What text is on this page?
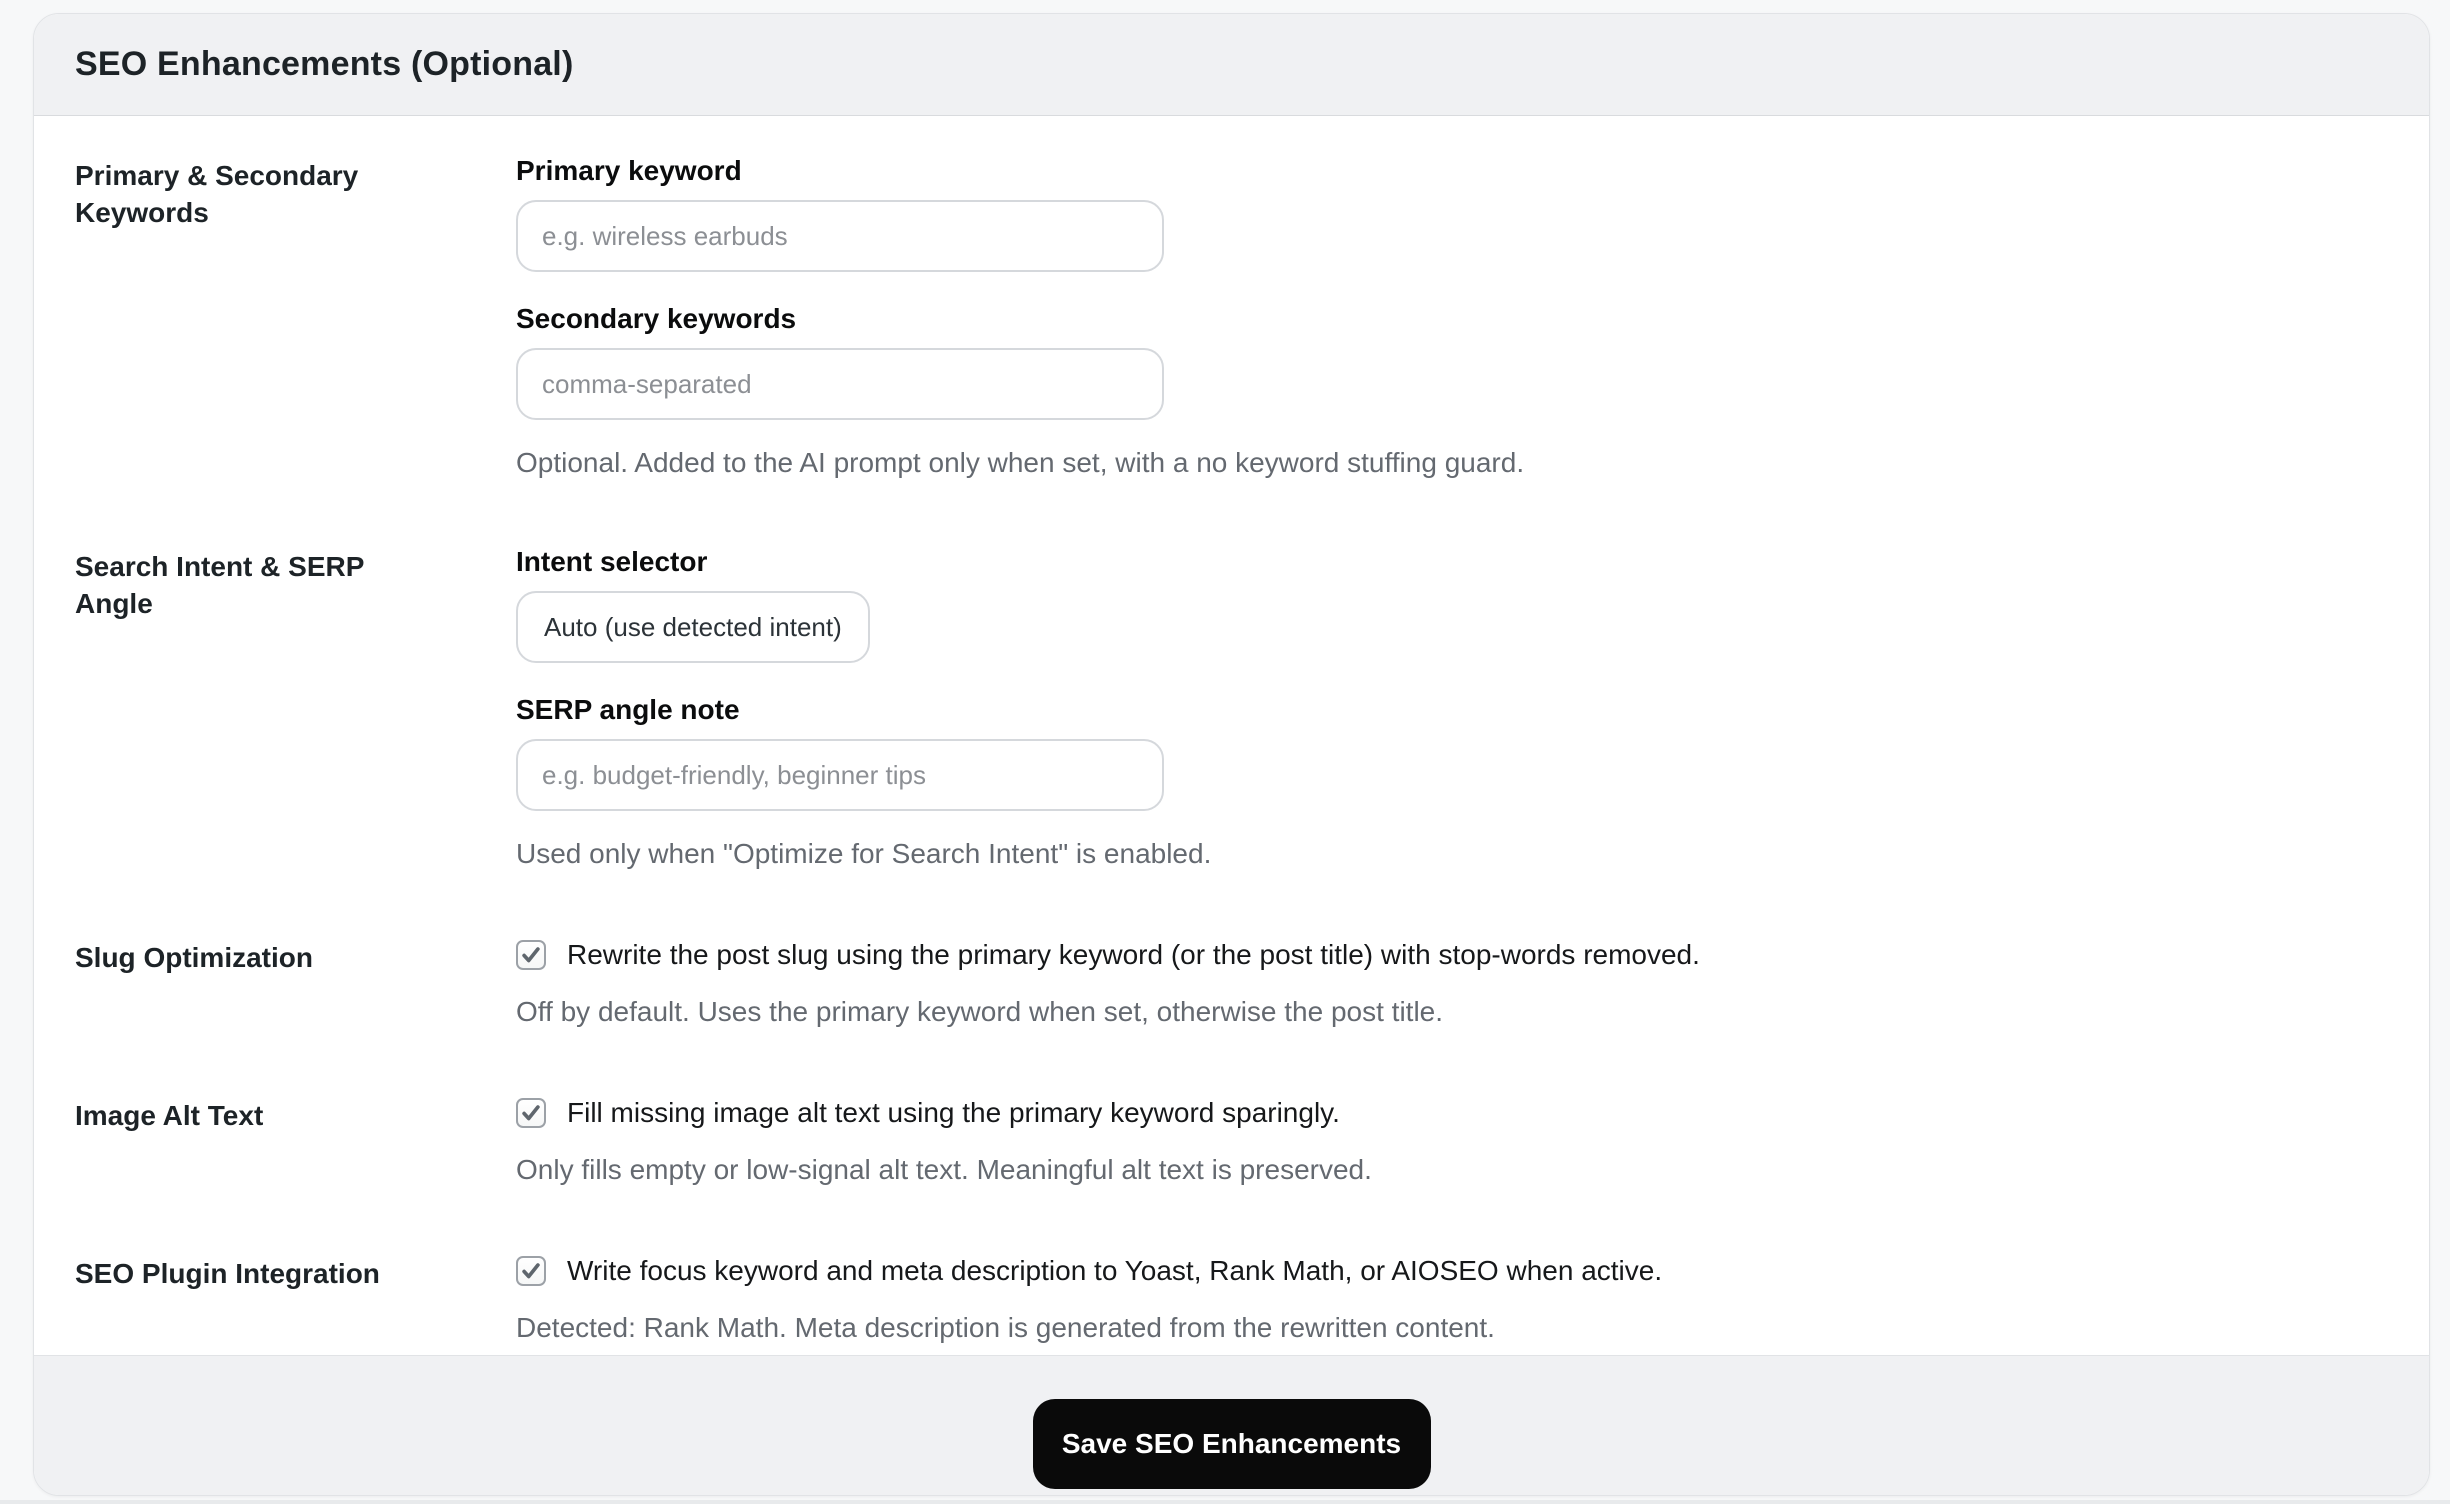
SEO Enhancements (Optional)
Primary & Secondary Keywords
Primary keyword
e.g. wireless earbuds
Secondary keywords
comma-separated
Optional. Added to the AI prompt only when set, with a no keyword stuffing guard.
Search Intent & SERP Angle
Intent selector
Auto (use detected intent)
SERP angle note
e.g. budget-friendly, beginner tips
Used only when "Optimize for Search Intent" is enabled.
Slug Optimization	Rewrite the post slug using the primary keyword (or the post title) with stop-words removed.
Off by default. Uses the primary keyword when set, otherwise the post title.
Image Alt Text	Fill missing image alt text using the primary keyword sparingly.
Only fills empty or low-signal alt text. Meaningful alt text is preserved.
SEO Plugin Integration	Write focus keyword and meta description to Yoast, Rank Math, or AIOSEO when active.
Detected: Rank Math. Meta description is generated from the rewritten content.
Save SEO Enhancements
